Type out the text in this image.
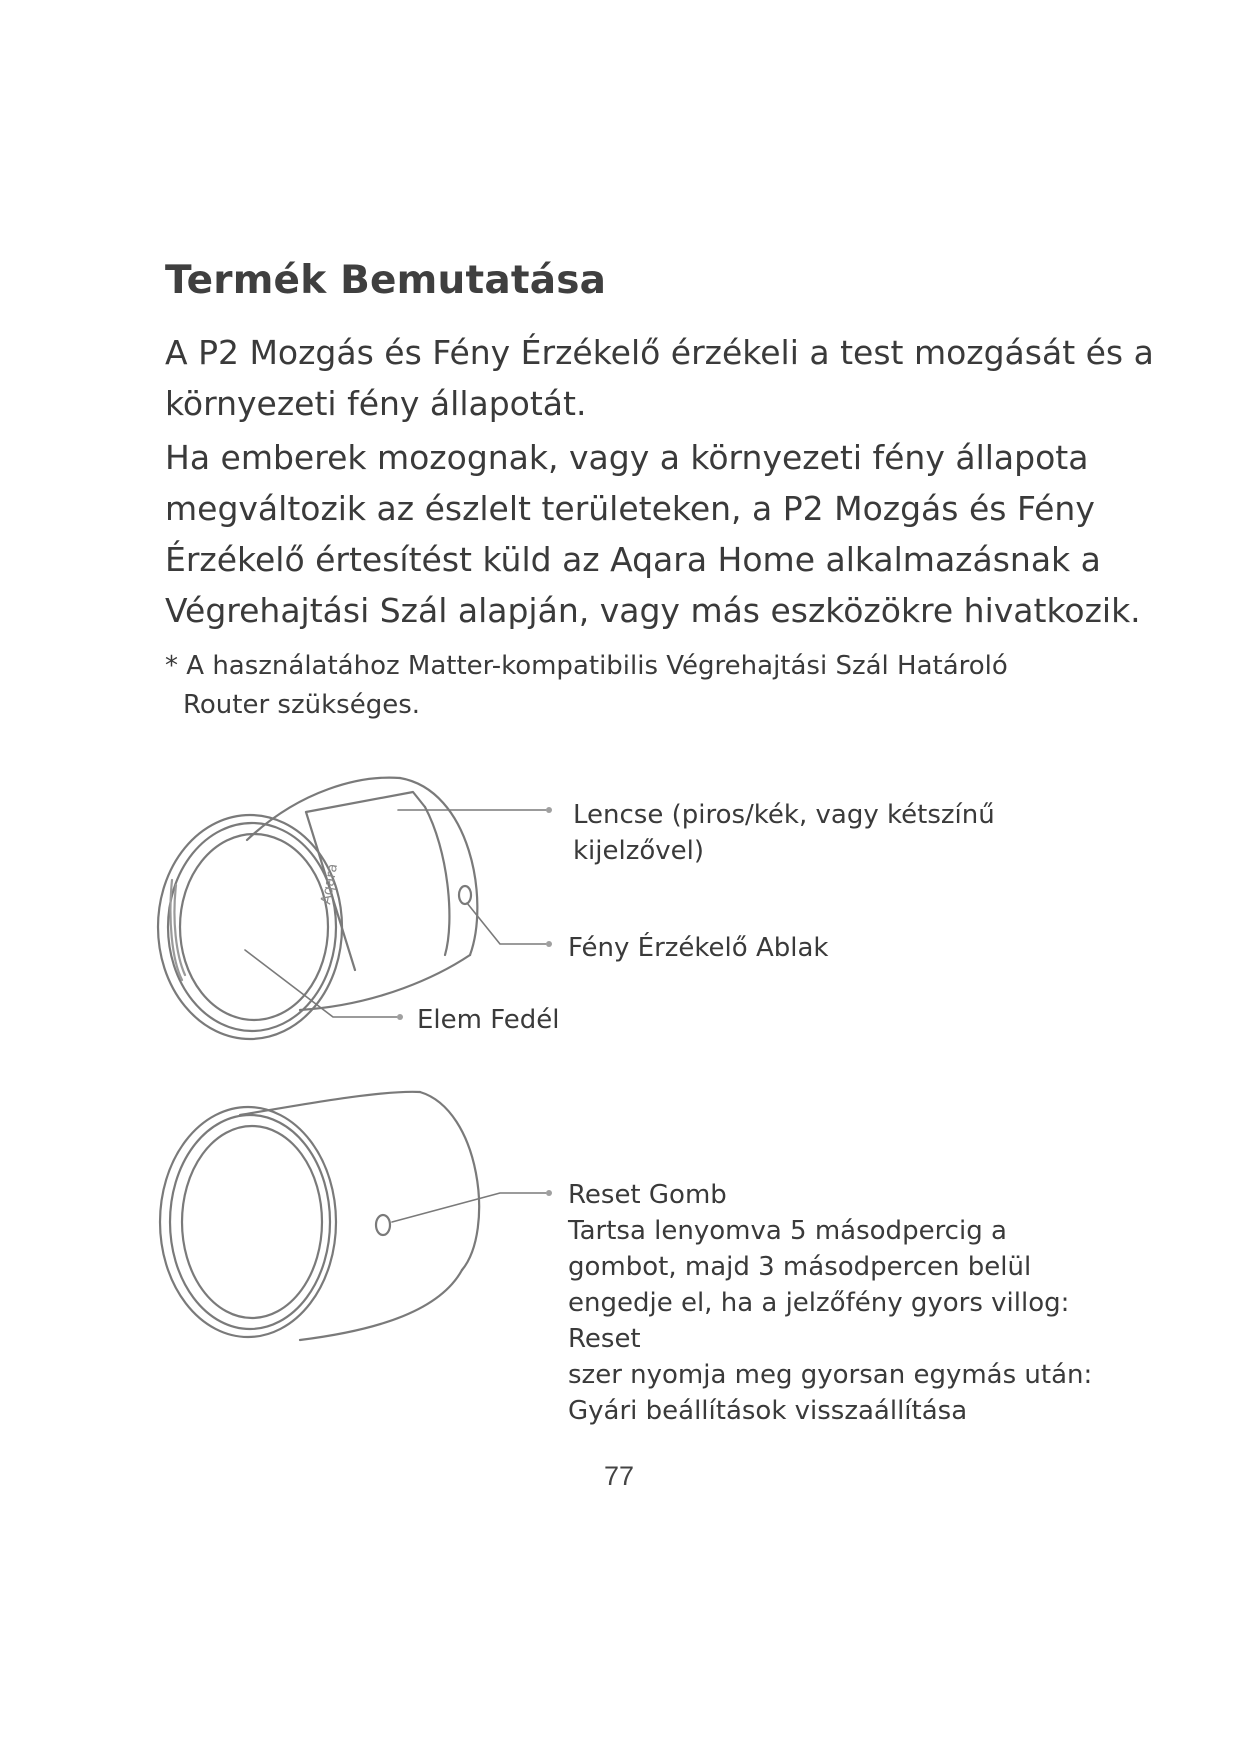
Termék Bemutatása
A P2 Mozgás és Fény Érzékelő érzékeli a test mozgását és a
környezeti fény állapotát.
Ha emberek mozognak, vagy a környezeti fény állapota
megváltozik az észlelt területeken, a P2 Mozgás és Fény
Érzékelő értesítést küld az Aqara Home alkalmazásnak a
Végrehajtási Szál alapján, vagy más eszközökre hivatkozik.
* A használatához Matter-kompatibilis Végrehajtási Szál Határoló
Router szükséges.
Aqara
Lencse (piros/kék, vagy kétszínű
kijelzővel)
Fény Érzékelő Ablak
Elem Fedél
Reset Gomb
Tartsa lenyomva 5 másodpercig a
gombot, majd 3 másodpercen belül
engedje el, ha a jelzőfény gyors villog:
Reset
szer nyomja meg gyorsan egymás után:
Gyári beállítások visszaállítása
77
